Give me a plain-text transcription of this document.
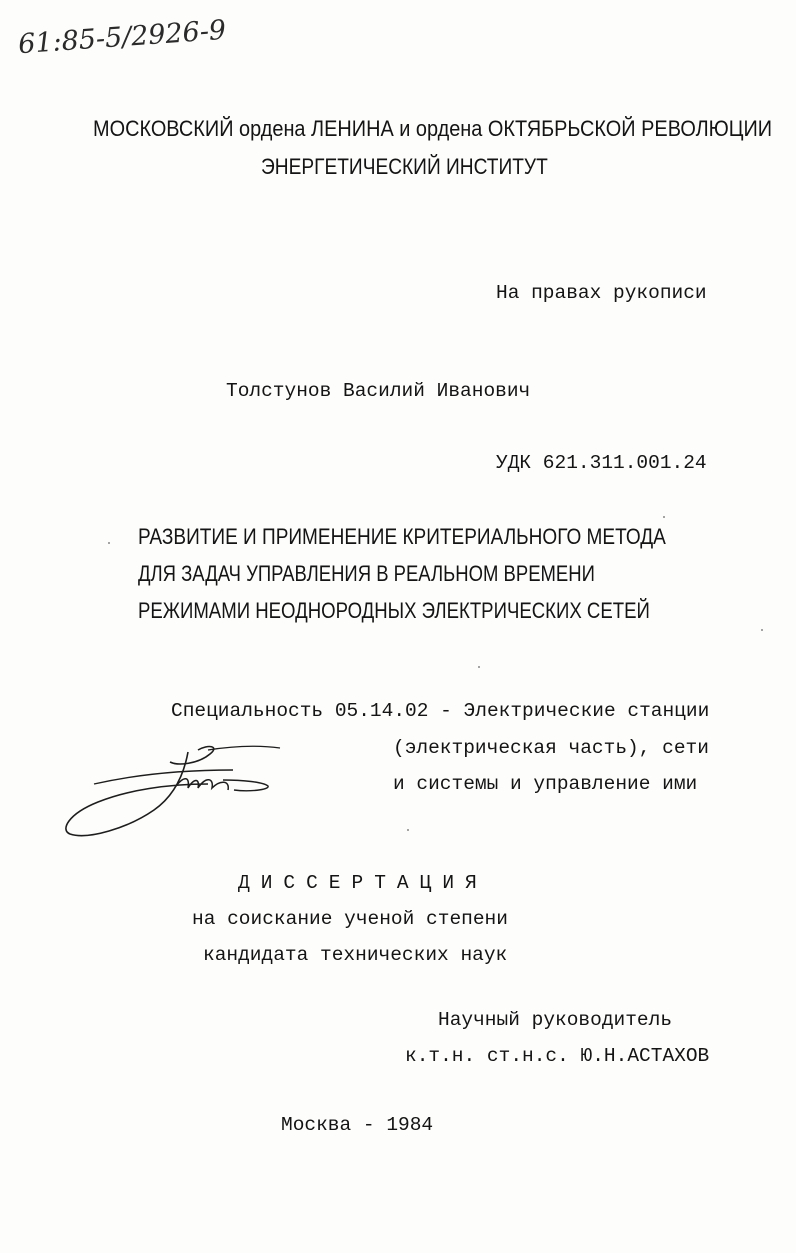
61:85-5/2926-9
МОСКОВСКИЙ ордена ЛЕНИНА и ордена ОКТЯБРЬСКОЙ РЕВОЛЮЦИИ
ЭНЕРГЕТИЧЕСКИЙ ИНСТИТУТ
На правах рукописи
Толстунов Василий Иванович
УДК 621.311.001.24
РАЗВИТИЕ И ПРИМЕНЕНИЕ КРИТЕРИАЛЬНОГО МЕТОДА
ДЛЯ ЗАДАЧ УПРАВЛЕНИЯ В РЕАЛЬНОМ ВРЕМЕНИ
РЕЖИМАМИ НЕОДНОРОДНЫХ ЭЛЕКТРИЧЕСКИХ СЕТЕЙ
Специальность 05.14.02 - Электрические станции
(электрическая часть), сети
и системы и управление ими
ДИССЕРТАЦИЯ
на соискание ученой степени
кандидата технических наук
Научный руководитель
к.т.н. ст.н.с. Ю.Н.АСТАХОВ
Москва - 1984
